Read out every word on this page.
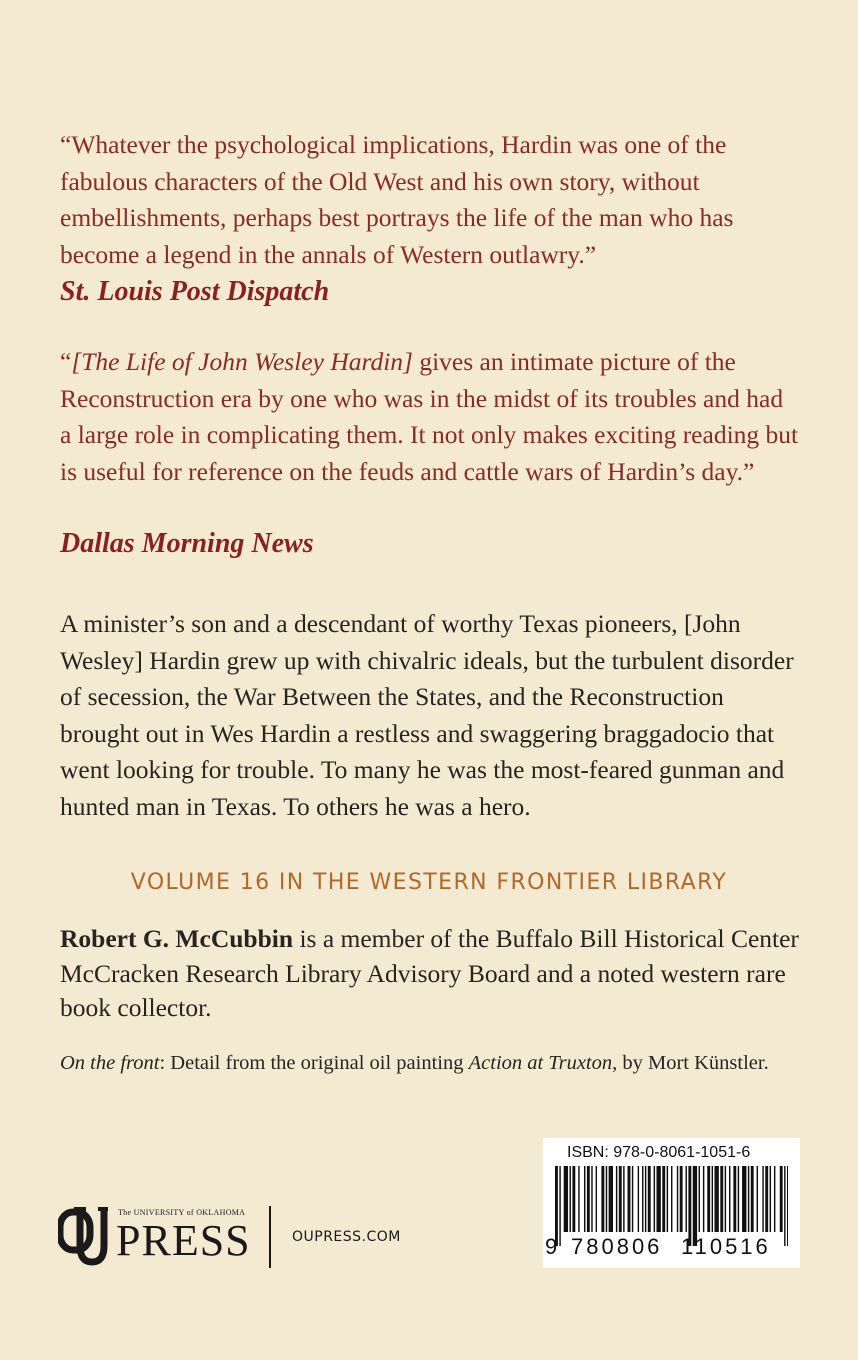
“Whatever the psychological implications, Hardin was one of the fabulous characters of the Old West and his own story, without embellishments, perhaps best portrays the life of the man who has become a legend in the annals of Western outlawry.”

St. Louis Post Dispatch

“[The Life of John Wesley Hardin] gives an intimate picture of the Reconstruction era by one who was in the midst of its troubles and had a large role in complicating them. It not only makes exciting reading but is useful for reference on the feuds and cattle wars of Hardin’s day.”

Dallas Morning News

A minister’s son and a descendant of worthy Texas pioneers, [John Wesley] Hardin grew up with chivalric ideals, but the turbulent disorder of secession, the War Between the States, and the Reconstruction brought out in Wes Hardin a restless and swaggering braggadocio that went looking for trouble. To many he was the most-feared gunman and hunted man in Texas. To others he was a hero.

VOLUME 16 IN THE WESTERN FRONTIER LIBRARY

Robert G. McCubbin is a member of the Buffalo Bill Historical Center McCracken Research Library Advisory Board and a noted western rare book collector.

On the front: Detail from the original oil painting Action at Truxton, by Mort Künstler.

The UNIVERSITY of OKLAHOMA
PRESS	OUPRESS.COM
ISBN: 978-0-8061-1051-6
9 780806 110516
